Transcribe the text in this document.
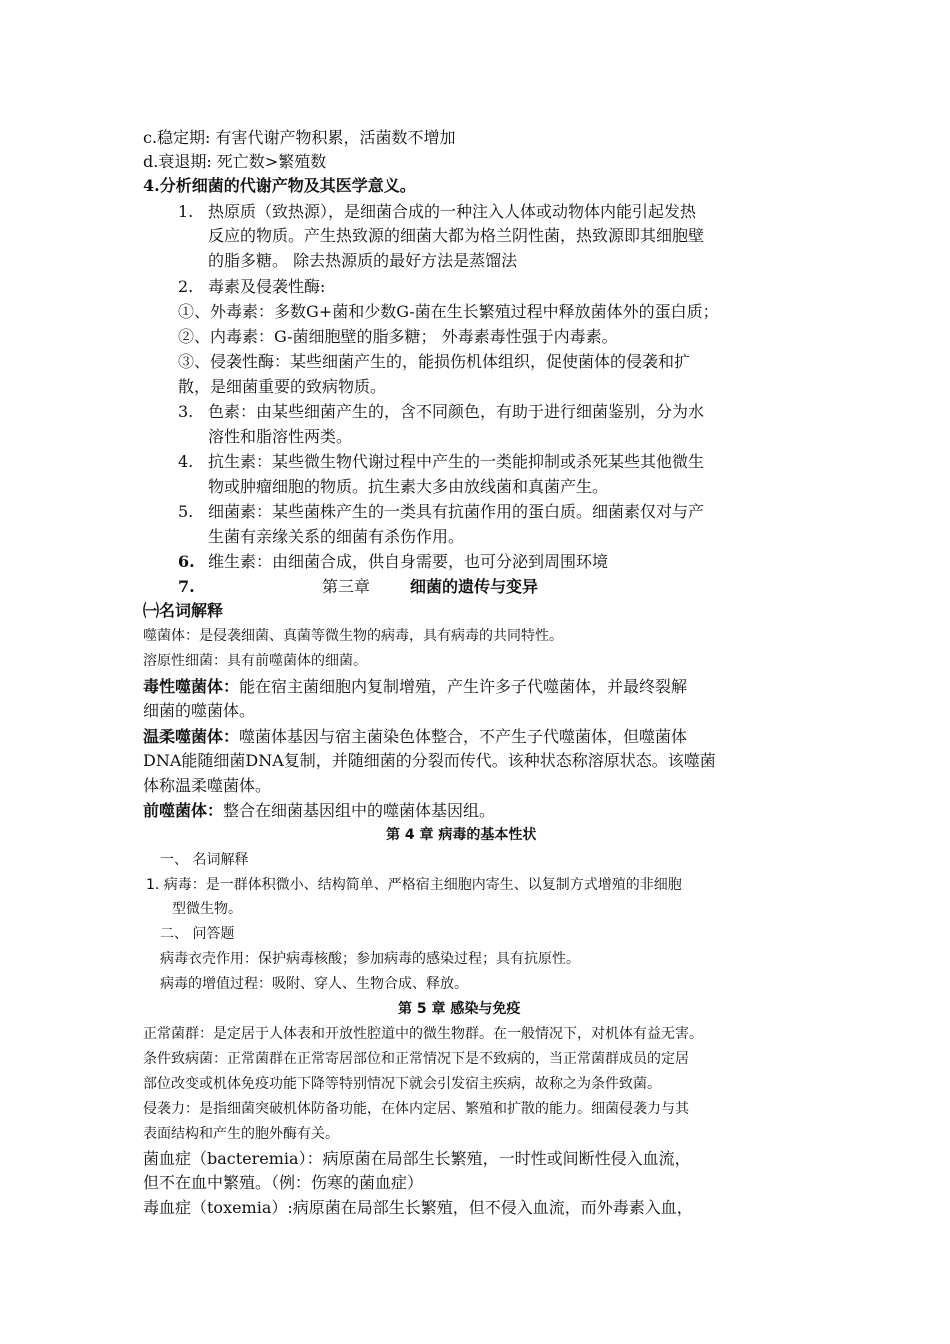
c.稳定期: 有害代谢产物积累，活菌数不增加
d.衰退期: 死亡数>繁殖数
4.分析细菌的代谢产物及其医学意义。
1. 热原质（致热源），是细菌合成的一种注入人体或动物体内能引起发热
反应的物质。产生热致源的细菌大都为格兰阴性菌，热致源即其细胞壁
的脂多糖。 除去热源质的最好方法是蒸馏法
2. 毒素及侵袭性酶:
①、外毒素：多数G+菌和少数G-菌在生长繁殖过程中释放菌体外的蛋白质；
②、内毒素：G-菌细胞壁的脂多糖； 外毒素毒性强于内毒素。
③、侵袭性酶：某些细菌产生的，能损伤机体组织，促使菌体的侵袭和扩
散，是细菌重要的致病物质。
3. 色素：由某些细菌产生的，含不同颜色，有助于进行细菌鉴别，分为水
溶性和脂溶性两类。
4. 抗生素：某些微生物代谢过程中产生的一类能抑制或杀死某些其他微生
物或肿瘤细胞的物质。抗生素大多由放线菌和真菌产生。
5. 细菌素：某些菌株产生的一类具有抗菌作用的蛋白质。细菌素仅对与产
生菌有亲缘关系的细菌有杀伤作用。
6. 维生素：由细菌合成，供自身需要，也可分泌到周围环境
7.	第三章 细菌的遗传与变异
㈠名词解释
噬菌体：是侵袭细菌、真菌等微生物的病毒，具有病毒的共同特性。
溶原性细菌：具有前噬菌体的细菌。
毒性噬菌体：能在宿主菌细胞内复制增殖，产生许多子代噬菌体，并最终裂解
细菌的噬菌体。
温柔噬菌体：噬菌体基因与宿主菌染色体整合，不产生子代噬菌体，但噬菌体
DNA能随细菌DNA复制，并随细菌的分裂而传代。该种状态称溶原状态。该噬菌
体称温柔噬菌体。
前噬菌体：整合在细菌基因组中的噬菌体基因组。
第 4 章 病毒的基本性状
一、 名词解释
1. 病毒：是一群体积微小、结构简单、严格宿主细胞内寄生、以复制方式增殖的非细胞
型微生物。
二、 问答题
病毒衣壳作用：保护病毒核酸；参加病毒的感染过程；具有抗原性。
病毒的增值过程：吸附、穿人、生物合成、释放。
第 5 章 感染与免疫
正常菌群：是定居于人体表和开放性腔道中的微生物群。在一般情况下，对机体有益无害。
条件致病菌：正常菌群在正常寄居部位和正常情况下是不致病的，当正常菌群成员的定居
部位改变或机体免疫功能下降等特别情况下就会引发宿主疾病，故称之为条件致菌。
侵袭力：是指细菌突破机体防备功能，在体内定居、繁殖和扩散的能力。细菌侵袭力与其
表面结构和产生的胞外酶有关。
菌血症（bacteremia）：病原菌在局部生长繁殖，一时性或间断性侵入血流，
但不在血中繁殖。（例：伤寒的菌血症）
毒血症（toxemia）:病原菌在局部生长繁殖，但不侵入血流，而外毒素入血，
